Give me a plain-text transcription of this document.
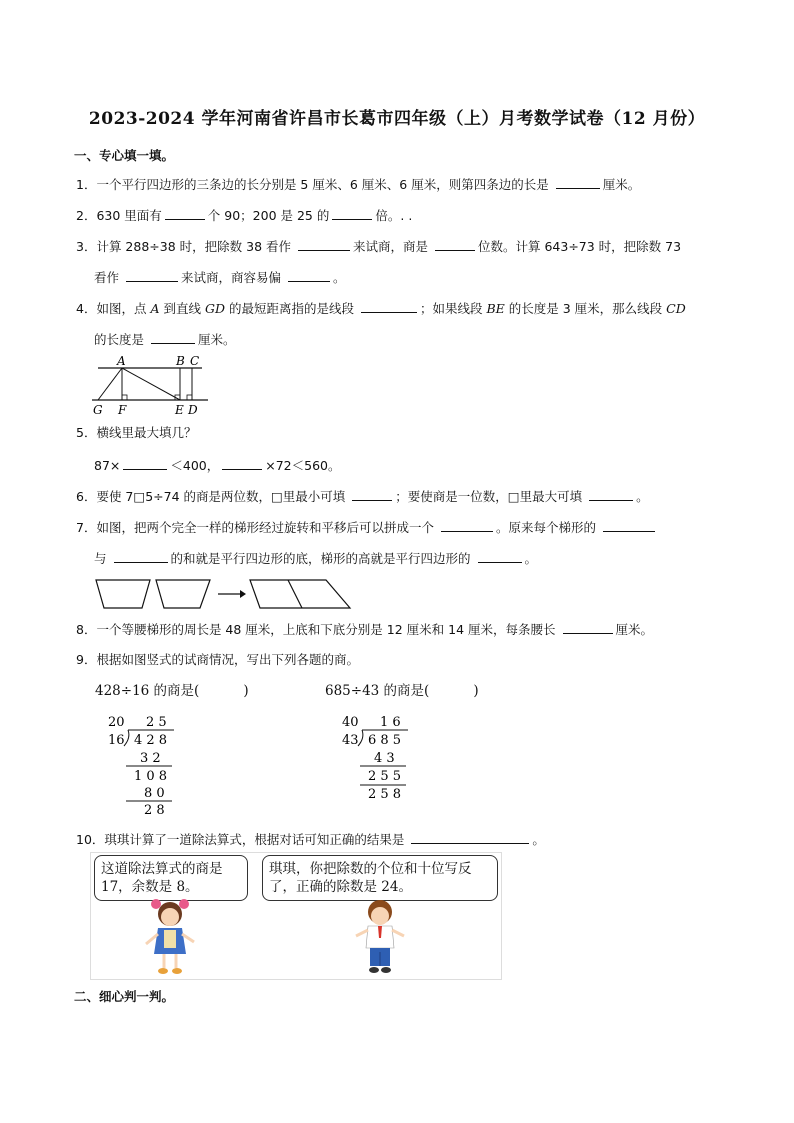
2023-2024 学年河南省许昌市长葛市四年级（上）月考数学试卷（12 月份）
一、专心填一填。
1．一个平行四边形的三条边的长分别是 5 厘米、6 厘米、6 厘米，则第四条边的长是	厘米。
2．630 里面有	个 90；200 是 25 的	倍。. .
3．计算 288÷38 时，把除数 38 看作	来试商，商是	位数。计算 643÷73 时，把除数 73
看作	来试商，商容易偏	。
4．如图，点 A 到直线 GD 的最短距离指的是线段	；如果线段 BE 的长度是 3 厘米，那么线段 CD
的长度是	厘米。
A	B C
G F	E D
5．横线里最大填几？
87×	＜400，	×72＜560。
6．要使 7□5÷74 的商是两位数，□里最小可填	；要使商是一位数，□里最大可填	。
7．如图，把两个完全一样的梯形经过旋转和平移后可以拼成一个	。原来每个梯形的
与	的和就是平行四边形的底，梯形的高就是平行四边形的	。
8．一个等腰梯形的周长是 48 厘米，上底和下底分别是 12 厘米和 14 厘米，每条腰长	厘米。
9．根据如图竖式的试商情况，写出下列各题的商。
428÷16 的商是(	)	685÷43 的商是(	)
20 2 5
16 4 2 8
3 2
1 0 8
8 0
2 8
40 1 6
43 6 8 5
4 3
2 5 5
2 5 8
10．琪琪计算了一道除法算式，根据对话可知正确的结果是	。
这道除法算式的商是
17，余数是 8。
琪琪，你把除数的个位和十位写反
了，正确的除数是 24。
二、细心判一判。
